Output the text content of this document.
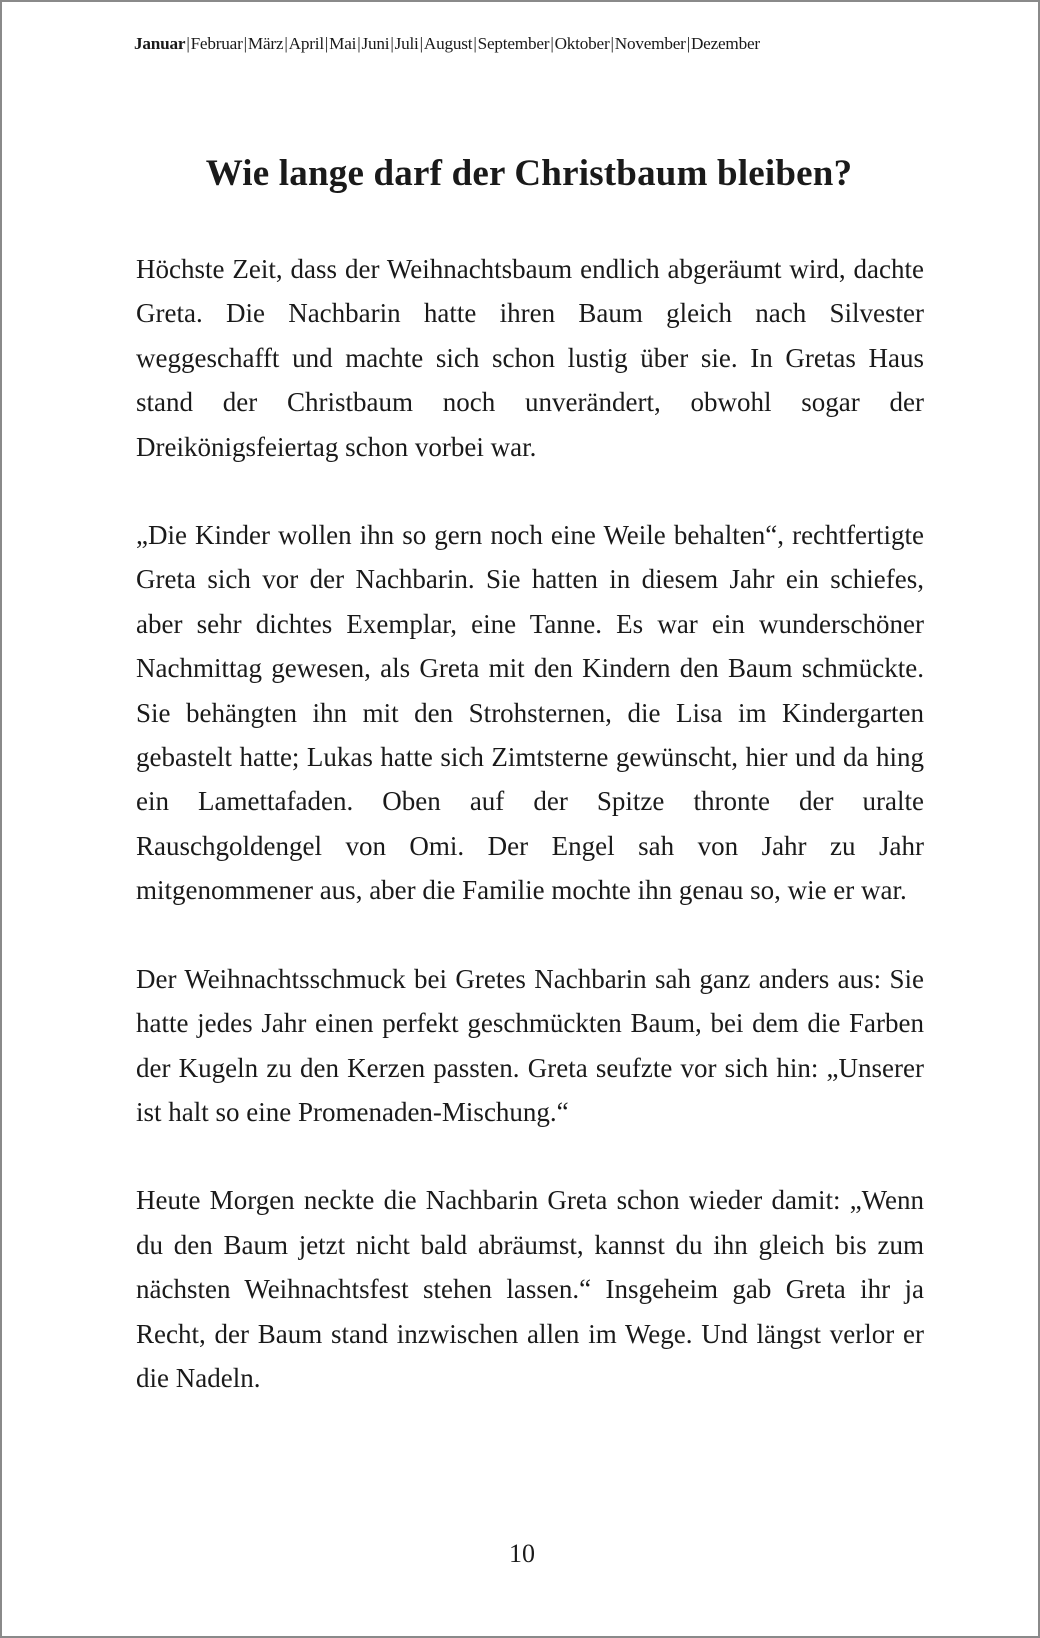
Januar | Februar | März | April | Mai | Juni | Juli | August | September | Oktober | November | Dezember
Wie lange darf der Christbaum bleiben?

Höchste Zeit, dass der Weihnachtsbaum endlich abgeräumt wird, dachte Greta. Die Nachbarin hatte ihren Baum gleich nach Silvester weggeschafft und machte sich schon lustig über sie. In Gretas Haus stand der Christbaum noch unverändert, obwohl sogar der Dreikönigsfeiertag schon vorbei war.

„Die Kinder wollen ihn so gern noch eine Weile behalten“, rechtfertigte Greta sich vor der Nachbarin. Sie hatten in diesem Jahr ein schiefes, aber sehr dichtes Exemplar, eine Tanne. Es war ein wunderschöner Nachmittag gewesen, als Greta mit den Kindern den Baum schmückte. Sie behängten ihn mit den Strohsternen, die Lisa im Kindergarten gebastelt hatte; Lukas hatte sich Zimtsterne gewünscht, hier und da hing ein Lamettafaden. Oben auf der Spitze thronte der uralte Rauschgoldengel von Omi. Der Engel sah von Jahr zu Jahr mitgenommener aus, aber die Familie mochte ihn genau so, wie er war.

Der Weihnachtsschmuck bei Gretes Nachbarin sah ganz anders aus: Sie hatte jedes Jahr einen perfekt geschmückten Baum, bei dem die Farben der Kugeln zu den Kerzen passten. Greta seufzte vor sich hin: „Unserer ist halt so eine Promenaden-Mischung.“

Heute Morgen neckte die Nachbarin Greta schon wieder damit: „Wenn du den Baum jetzt nicht bald abräumst, kannst du ihn gleich bis zum nächsten Weihnachtsfest stehen lassen.“ Insgeheim gab Greta ihr ja Recht, der Baum stand inzwischen allen im Wege. Und längst verlor er die Nadeln.

10
